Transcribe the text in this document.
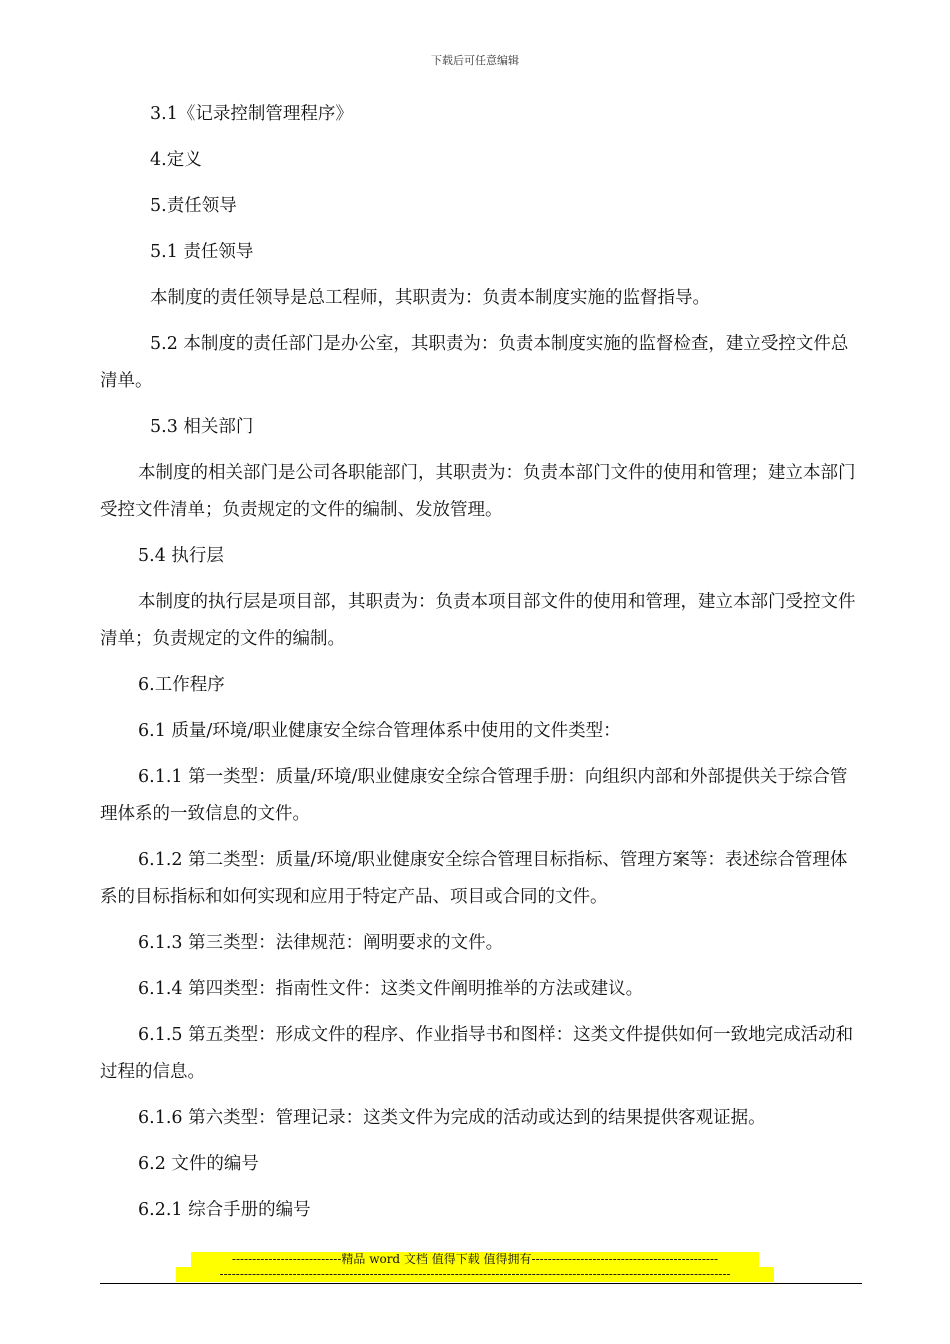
下载后可任意编辑

3.1《记录控制管理程序》

4.定义

5.责任领导

5.1 责任领导

本制度的责任领导是总工程师，其职责为：负责本制度实施的监督指导。

5.2 本制度的责任部门是办公室，其职责为：负责本制度实施的监督检查，建立受控文件总清单。

5.3 相关部门

本制度的相关部门是公司各职能部门，其职责为：负责本部门文件的使用和管理；建立本部门受控文件清单；负责规定的文件的编制、发放管理。

5.4 执行层

本制度的执行层是项目部，其职责为：负责本项目部文件的使用和管理，建立本部门受控文件清单；负责规定的文件的编制。

6.工作程序

6.1 质量/环境/职业健康安全综合管理体系中使用的文件类型：

6.1.1 第一类型：质量/环境/职业健康安全综合管理手册：向组织内部和外部提供关于综合管理体系的一致信息的文件。

6.1.2 第二类型：质量/环境/职业健康安全综合管理目标指标、管理方案等：表述综合管理体系的目标指标和如何实现和应用于特定产品、项目或合同的文件。

6.1.3 第三类型：法律规范：阐明要求的文件。

6.1.4 第四类型：指南性文件：这类文件阐明推举的方法或建议。

6.1.5 第五类型：形成文件的程序、作业指导书和图样：这类文件提供如何一致地完成活动和过程的信息。

6.1.6 第六类型：管理记录：这类文件为完成的活动或达到的结果提供客观证据。

6.2 文件的编号

6.2.1 综合手册的编号

---------------------------精品 word 文档 值得下载 值得拥有----------------------------------------------
------------------------------------------------------------------------------------------------------------------------------
